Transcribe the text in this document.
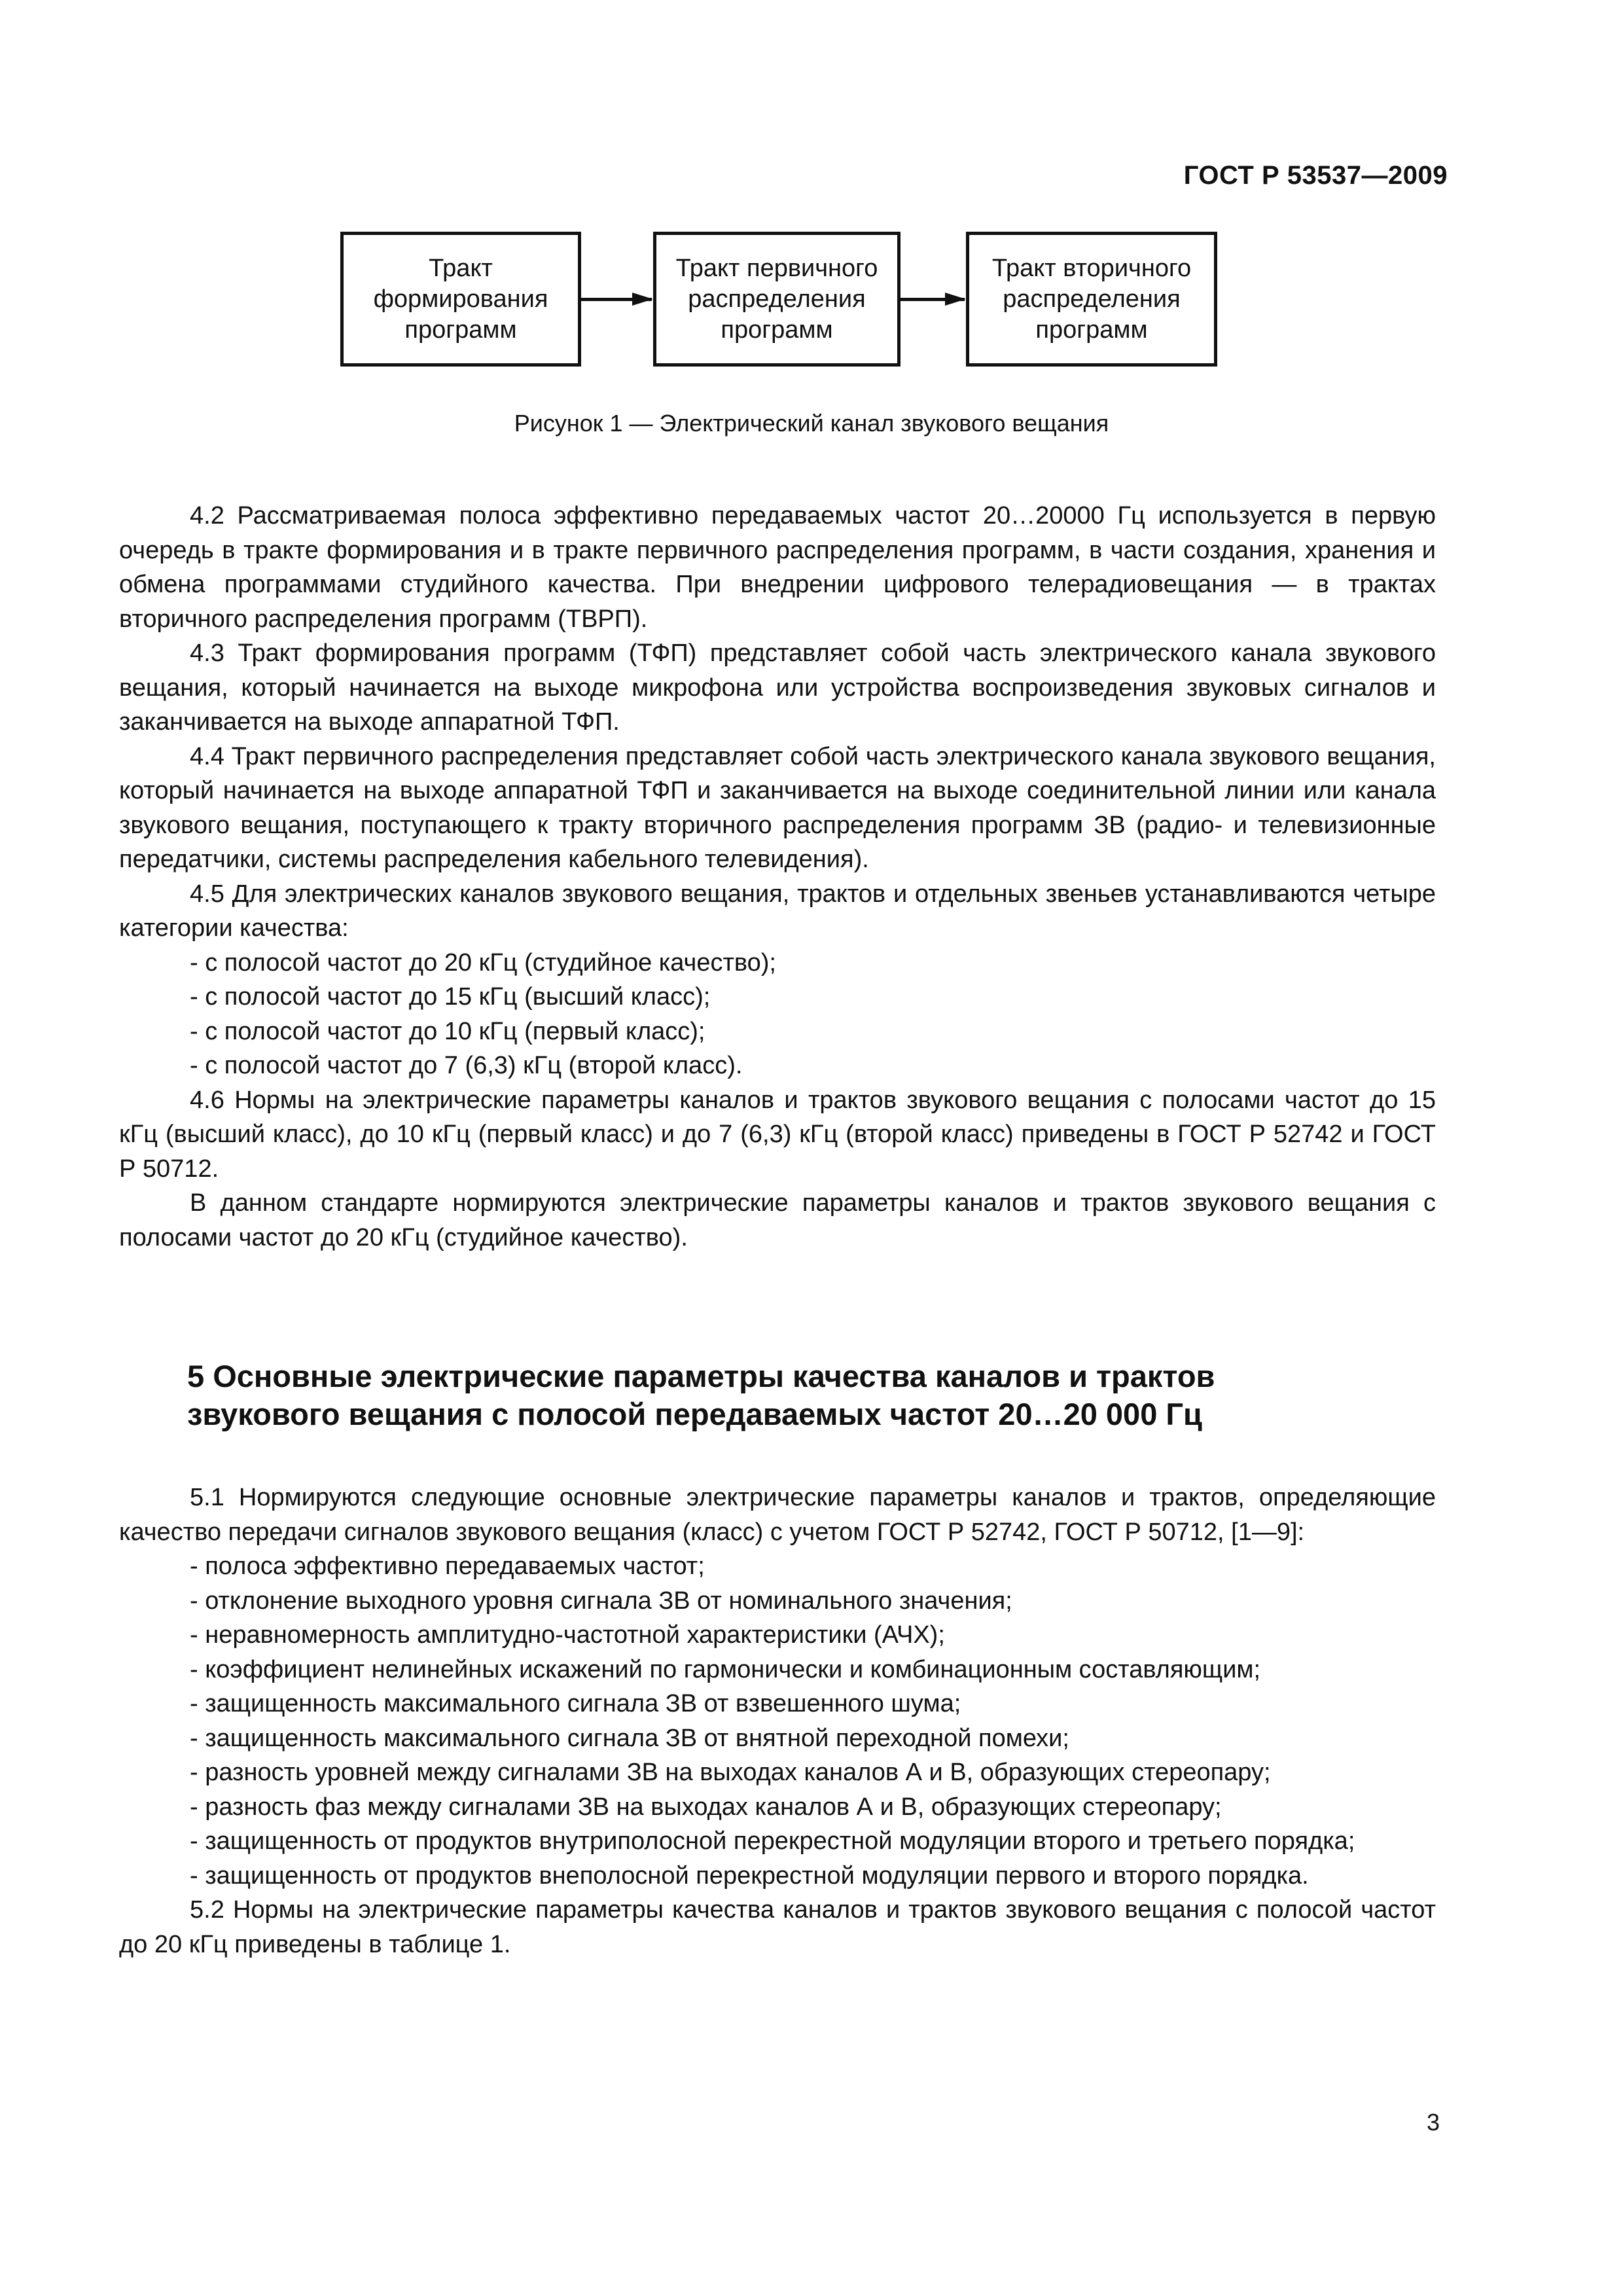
ГОСТ Р 53537—2009
Тракт
формирования
программ
Тракт первичного
распределения
программ
Тракт вторичного
распределения
программ
Рисунок 1 — Электрический канал звукового вещания

4.2 Рассматриваемая полоса эффективно передаваемых частот 20…20000 Гц используется в первую очередь в тракте формирования и в тракте первичного распределения программ, в части создания, хранения и обмена программами студийного качества. При внедрении цифрового телерадиовещания — в трактах вторичного распределения программ (ТВРП).

4.3 Тракт формирования программ (ТФП) представляет собой часть электрического канала звукового вещания, который начинается на выходе микрофона или устройства воспроизведения звуковых сигналов и заканчивается на выходе аппаратной ТФП.

4.4 Тракт первичного распределения представляет собой часть электрического канала звукового вещания, который начинается на выходе аппаратной ТФП и заканчивается на выходе соединительной линии или канала звукового вещания, поступающего к тракту вторичного распределения программ ЗВ (радио- и телевизионные передатчики, системы распределения кабельного телевидения).

4.5 Для электрических каналов звукового вещания, трактов и отдельных звеньев устанавливаются четыре категории качества:

- с полосой частот до 20 кГц (студийное качество);

- с полосой частот до 15 кГц (высший класс);

- с полосой частот до 10 кГц (первый класс);

- с полосой частот до 7 (6,3) кГц (второй класс).

4.6 Нормы на электрические параметры каналов и трактов звукового вещания с полосами частот до 15 кГц (высший класс), до 10 кГц (первый класс) и до 7 (6,3) кГц (второй класс) приведены в ГОСТ Р 52742 и ГОСТ Р 50712.

В данном стандарте нормируются электрические параметры каналов и трактов звукового вещания с полосами частот до 20 кГц (студийное качество).

5 Основные электрические параметры качества каналов и трактов
звукового вещания с полосой передаваемых частот 20…20 000 Гц

5.1 Нормируются следующие основные электрические параметры каналов и трактов, определяющие качество передачи сигналов звукового вещания (класс) с учетом ГОСТ Р 52742, ГОСТ Р 50712, [1—9]:

- полоса эффективно передаваемых частот;

- отклонение выходного уровня сигнала ЗВ от номинального значения;

- неравномерность амплитудно-частотной характеристики (АЧХ);

- коэффициент нелинейных искажений по гармонически и комбинационным составляющим;

- защищенность максимального сигнала ЗВ от взвешенного шума;

- защищенность максимального сигнала ЗВ от внятной переходной помехи;

- разность уровней между сигналами ЗВ на выходах каналов А и В, образующих стереопару;

- разность фаз между сигналами ЗВ на выходах каналов А и В, образующих стереопару;

- защищенность от продуктов внутриполосной перекрестной модуляции второго и третьего порядка;

- защищенность от продуктов внеполосной перекрестной модуляции первого и второго порядка.

5.2 Нормы на электрические параметры качества каналов и трактов звукового вещания с полосой частот до 20 кГц приведены в таблице 1.

3
